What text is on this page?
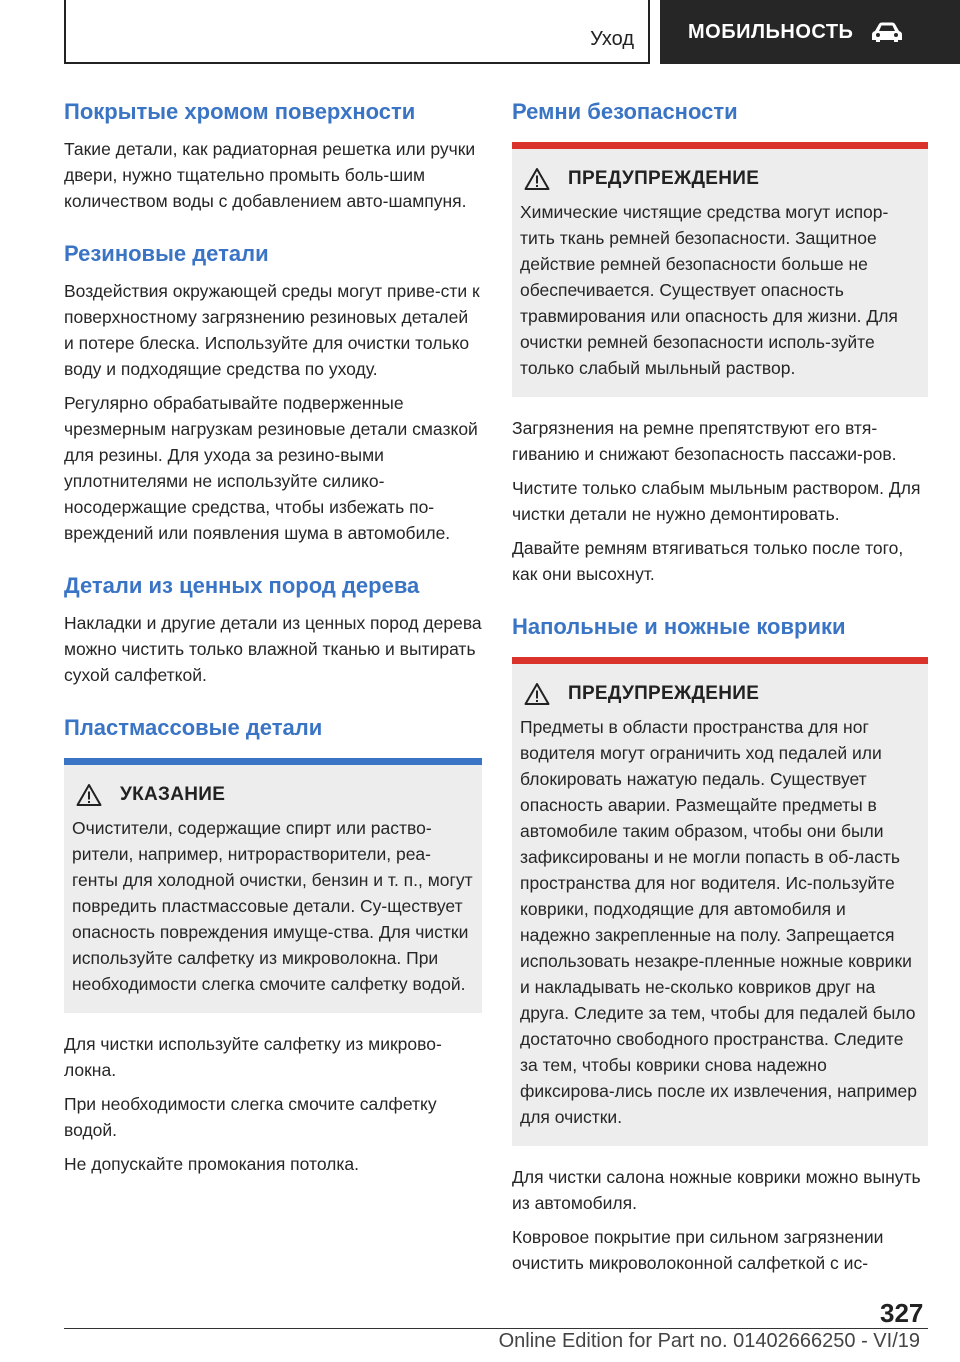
Уход	МОБИЛЬНОСТЬ
Покрытые хромом поверхности

Такие детали, как радиаторная решетка или ручки двери, нужно тщательно промыть боль-шим количеством воды с добавлением авто-шампуня.

Резиновые детали

Воздействия окружающей среды могут приве-сти к поверхностному загрязнению резиновых деталей и потере блеска. Используйте для очистки только воду и подходящие средства по уходу.

Регулярно обрабатывайте подверженные чрезмерным нагрузкам резиновые детали смазкой для резины. Для ухода за резино-выми уплотнителями не используйте силико-носодержащие средства, чтобы избежать по-вреждений или появления шума в автомобиле.

Детали из ценных пород дерева

Накладки и другие детали из ценных пород дерева можно чистить только влажной тканью и вытирать сухой салфеткой.

Пластмассовые детали
УКАЗАНИЕ

Очистители, содержащие спирт или раство-рители, например, нитрорастворители, реа-генты для холодной очистки, бензин и т. п., могут повредить пластмассовые детали. Су-ществует опасность повреждения имуще-ства. Для чистки используйте салфетку из микроволокна. При необходимости слегка смочите салфетку водой.

Для чистки используйте салфетку из микрово-локна.

При необходимости слегка смочите салфетку водой.

Не допускайте промокания потолка.

Ремни безопасности
ПРЕДУПРЕЖДЕНИЕ

Химические чистящие средства могут испор-тить ткань ремней безопасности. Защитное действие ремней безопасности больше не обеспечивается. Существует опасность травмирования или опасность для жизни. Для очистки ремней безопасности исполь-зуйте только слабый мыльный раствор.

Загрязнения на ремне препятствуют его втя-гиванию и снижают безопасность пассажи-ров.

Чистите только слабым мыльным раствором. Для чистки детали не нужно демонтировать.

Давайте ремням втягиваться только после того, как они высохнут.

Напольные и ножные коврики
ПРЕДУПРЕЖДЕНИЕ

Предметы в области пространства для ног водителя могут ограничить ход педалей или блокировать нажатую педаль. Существует опасность аварии. Размещайте предметы в автомобиле таким образом, чтобы они были зафиксированы и не могли попасть в об-ласть пространства для ног водителя. Ис-пользуйте коврики, подходящие для автомобиля и надежно закрепленные на полу. Запрещается использовать незакре-пленные ножные коврики и накладывать не-сколько ковриков друг на друга. Следите за тем, чтобы для педалей было достаточно свободного пространства. Следите за тем, чтобы коврики снова надежно фиксирова-лись после их извлечения, например для очистки.

Для чистки салона ножные коврики можно вынуть из автомобиля.

Ковровое покрытие при сильном загрязнении очистить микроволоконной салфеткой с ис-

327
Online Edition for Part no. 01402666250 - VI/19
